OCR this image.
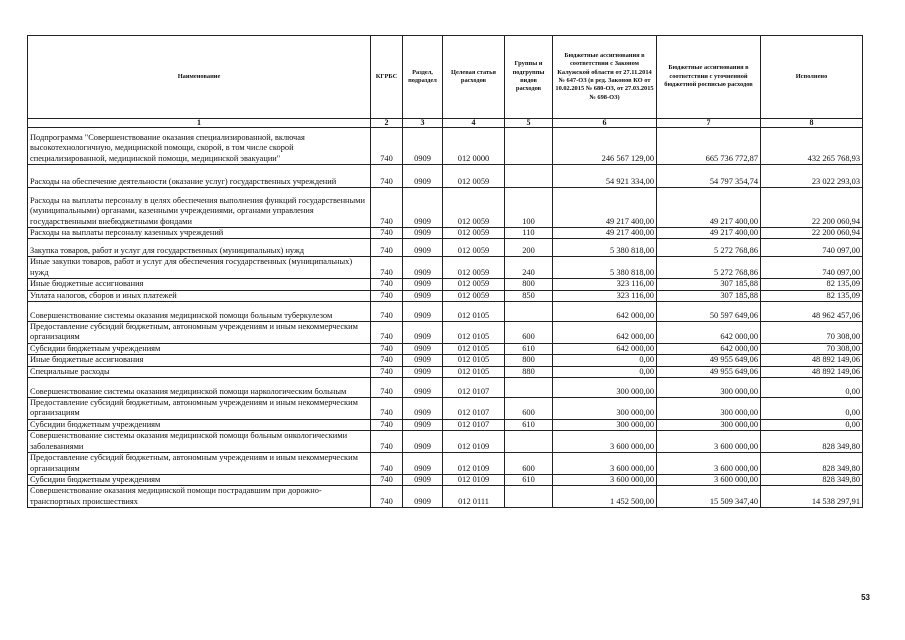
Наименование	КГРБС	Раздел, подраздел	Целевая статья расходов	Группы и подгруппы видов расходов	Бюджетные ассигнования в соответствии с Законом Калужской области от 27.11.2014 № 647-ОЗ (в ред. Законов КО от 10.02.2015 № 680-ОЗ, от 27.03.2015 № 698-ОЗ)	Бюджетные ассигнования в соответствии с уточненной бюджетной росписью расходов	Исполнено
1	2	3	4	5	6	7	8
Подпрограмма "Совершенствование оказания специализированной, включая высокотехнологичную, медицинской помощи, скорой, в том числе скорой специализированной, медицинской помощи, медицинской эвакуации"	740	0909	012 0000		246 567 129,00	665 736 772,87	432 265 768,93
Расходы на обеспечение деятельности (оказание услуг) государственных учреждений	740	0909	012 0059		54 921 334,00	54 797 354,74	23 022 293,03
Расходы на выплаты персоналу в целях обеспечения выполнения функций государственными (муниципальными) органами, казенными учреждениями, органами управления государственными внебюджетными фондами	740	0909	012 0059	100	49 217 400,00	49 217 400,00	22 200 060,94
Расходы на выплаты персоналу казенных учреждений	740	0909	012 0059	110	49 217 400,00	49 217 400,00	22 200 060,94
Закупка товаров, работ и услуг для государственных (муниципальных) нужд	740	0909	012 0059	200	5 380 818,00	5 272 768,86	740 097,00
Иные закупки товаров, работ и услуг для обеспечения государственных (муниципальных) нужд	740	0909	012 0059	240	5 380 818,00	5 272 768,86	740 097,00
Иные бюджетные ассигнования	740	0909	012 0059	800	323 116,00	307 185,88	82 135,09
Уплата налогов, сборов и иных платежей	740	0909	012 0059	850	323 116,00	307 185,88	82 135,09
Совершенствование системы оказания медицинской помощи больным туберкулезом	740	0909	012 0105		642 000,00	50 597 649,06	48 962 457,06
Предоставление субсидий бюджетным, автономным учреждениям и иным некоммерческим организациям	740	0909	012 0105	600	642 000,00	642 000,00	70 308,00
Субсидии бюджетным учреждениям	740	0909	012 0105	610	642 000,00	642 000,00	70 308,00
Иные бюджетные ассигнования	740	0909	012 0105	800	0,00	49 955 649,06	48 892 149,06
Специальные расходы	740	0909	012 0105	880	0,00	49 955 649,06	48 892 149,06
Совершенствование системы оказания медицинской помощи наркологическим больным	740	0909	012 0107		300 000,00	300 000,00	0,00
Предоставление субсидий бюджетным, автономным учреждениям и иным некоммерческим организациям	740	0909	012 0107	600	300 000,00	300 000,00	0,00
Субсидии бюджетным учреждениям	740	0909	012 0107	610	300 000,00	300 000,00	0,00
Совершенствование системы оказания медицинской помощи больным онкологическими заболеваниями	740	0909	012 0109		3 600 000,00	3 600 000,00	828 349,80
Предоставление субсидий бюджетным, автономным учреждениям и иным некоммерческим организациям	740	0909	012 0109	600	3 600 000,00	3 600 000,00	828 349,80
Субсидии бюджетным учреждениям	740	0909	012 0109	610	3 600 000,00	3 600 000,00	828 349,80
Совершенствование оказания медицинской помощи пострадавшим при дорожно-транспортных происшествиях	740	0909	012 0111		1 452 500,00	15 509 347,40	14 538 297,91
53
